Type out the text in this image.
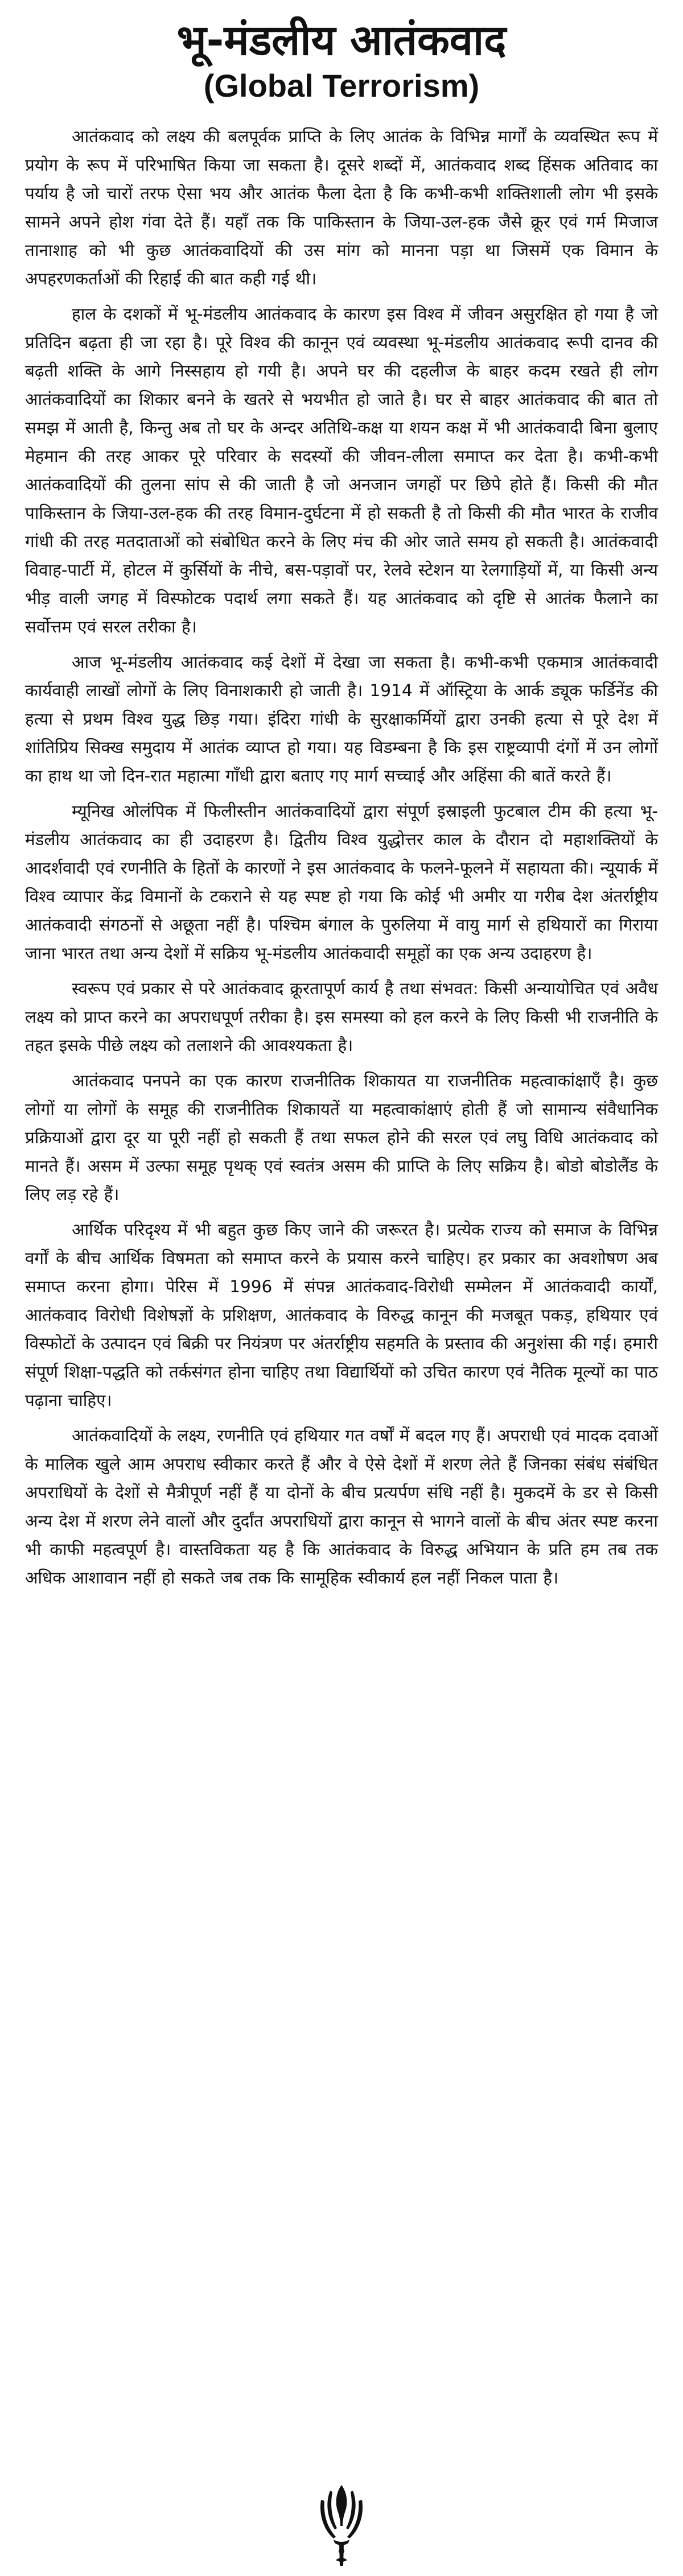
भू-मंडलीय आतंकवाद
(Global Terrorism)

आतंकवाद को लक्ष्य की बलपूर्वक प्राप्ति के लिए आतंक के विभिन्न मार्गों के व्यवस्थित रूप में प्रयोग के रूप में परिभाषित किया जा सकता है। दूसरे शब्दों में, आतंकवाद शब्द हिंसक अतिवाद का पर्याय है जो चारों तरफ ऐसा भय और आतंक फैला देता है कि कभी-कभी शक्तिशाली लोग भी इसके सामने अपने होश गंवा देते हैं। यहाँ तक कि पाकिस्तान के जिया-उल-हक जैसे क्रूर एवं गर्म मिजाज तानाशाह को भी कुछ आतंकवादियों की उस मांग को मानना पड़ा था जिसमें एक विमान के अपहरणकर्ताओं की रिहाई की बात कही गई थी।

हाल के दशकों में भू-मंडलीय आतंकवाद के कारण इस विश्व में जीवन असुरक्षित हो गया है जो प्रतिदिन बढ़ता ही जा रहा है। पूरे विश्व की कानून एवं व्यवस्था भू-मंडलीय आतंकवाद रूपी दानव की बढ़ती शक्ति के आगे निस्सहाय हो गयी है। अपने घर की दहलीज के बाहर कदम रखते ही लोग आतंकवादियों का शिकार बनने के खतरे से भयभीत हो जाते है। घर से बाहर आतंकवाद की बात तो समझ में आती है, किन्तु अब तो घर के अन्दर अतिथि-कक्ष या शयन कक्ष में भी आतंकवादी बिना बुलाए मेहमान की तरह आकर पूरे परिवार के सदस्यों की जीवन-लीला समाप्त कर देता है। कभी-कभी आतंकवादियों की तुलना सांप से की जाती है जो अनजान जगहों पर छिपे होते हैं। किसी की मौत पाकिस्तान के जिया-उल-हक की तरह विमान-दुर्घटना में हो सकती है तो किसी की मौत भारत के राजीव गांधी की तरह मतदाताओं को संबोधित करने के लिए मंच की ओर जाते समय हो सकती है। आतंकवादी विवाह-पार्टी में, होटल में कुर्सियों के नीचे, बस-पड़ावों पर, रेलवे स्टेशन या रेलगाड़ियों में, या किसी अन्य भीड़ वाली जगह में विस्फोटक पदार्थ लगा सकते हैं। यह आतंकवाद को दृष्टि से आतंक फैलाने का सर्वोत्तम एवं सरल तरीका है।

आज भू-मंडलीय आतंकवाद कई देशों में देखा जा सकता है। कभी-कभी एकमात्र आतंकवादी कार्यवाही लाखों लोगों के लिए विनाशकारी हो जाती है। 1914 में ऑस्ट्रिया के आर्क ड्यूक फर्डिनेंड की हत्या से प्रथम विश्व युद्ध छिड़ गया। इंदिरा गांधी के सुरक्षाकर्मियों द्वारा उनकी हत्या से पूरे देश में शांतिप्रिय सिक्ख समुदाय में आतंक व्याप्त हो गया। यह विडम्बना है कि इस राष्ट्रव्यापी दंगों में उन लोगों का हाथ था जो दिन-रात महात्मा गाँधी द्वारा बताए गए मार्ग सच्चाई और अहिंसा की बातें करते हैं।

म्यूनिख ओलंपिक में फिलीस्तीन आतंकवादियों द्वारा संपूर्ण इस्राइली फुटबाल टीम की हत्या भू-मंडलीय आतंकवाद का ही उदाहरण है। द्वितीय विश्व युद्धोत्तर काल के दौरान दो महाशक्तियों के आदर्शवादी एवं रणनीति के हितों के कारणों ने इस आतंकवाद के फलने-फूलने में सहायता की। न्यूयार्क में विश्व व्यापार केंद्र विमानों के टकराने से यह स्पष्ट हो गया कि कोई भी अमीर या गरीब देश अंतर्राष्ट्रीय आतंकवादी संगठनों से अछूता नहीं है। पश्चिम बंगाल के पुरुलिया में वायु मार्ग से हथियारों का गिराया जाना भारत तथा अन्य देशों में सक्रिय भू-मंडलीय आतंकवादी समूहों का एक अन्य उदाहरण है।

स्वरूप एवं प्रकार से परे आतंकवाद क्रूरतापूर्ण कार्य है तथा संभवत: किसी अन्यायोचित एवं अवैध लक्ष्य को प्राप्त करने का अपराधपूर्ण तरीका है। इस समस्या को हल करने के लिए किसी भी राजनीति के तहत इसके पीछे लक्ष्य को तलाशने की आवश्यकता है।

आतंकवाद पनपने का एक कारण राजनीतिक शिकायत या राजनीतिक महत्वाकांक्षाएँ है। कुछ लोगों या लोगों के समूह की राजनीतिक शिकायतें या महत्वाकांक्षाएं होती हैं जो सामान्य संवैधानिक प्रक्रियाओं द्वारा दूर या पूरी नहीं हो सकती हैं तथा सफल होने की सरल एवं लघु विधि आतंकवाद को मानते हैं। असम में उल्फा समूह पृथक् एवं स्वतंत्र असम की प्राप्ति के लिए सक्रिय है। बोडो बोडोलैंड के लिए लड़ रहे हैं।

आर्थिक परिदृश्य में भी बहुत कुछ किए जाने की जरूरत है। प्रत्येक राज्य को समाज के विभिन्न वर्गों के बीच आर्थिक विषमता को समाप्त करने के प्रयास करने चाहिए। हर प्रकार का अवशोषण अब समाप्त करना होगा। पेरिस में 1996 में संपन्न आतंकवाद-विरोधी सम्मेलन में आतंकवादी कार्यों, आतंकवाद विरोधी विशेषज्ञों के प्रशिक्षण, आतंकवाद के विरुद्ध कानून की मजबूत पकड़, हथियार एवं विस्फोटों के उत्पादन एवं बिक्री पर नियंत्रण पर अंतर्राष्ट्रीय सहमति के प्रस्ताव की अनुशंसा की गई। हमारी संपूर्ण शिक्षा-पद्धति को तर्कसंगत होना चाहिए तथा विद्यार्थियों को उचित कारण एवं नैतिक मूल्यों का पाठ पढ़ाना चाहिए।

आतंकवादियों के लक्ष्य, रणनीति एवं हथियार गत वर्षों में बदल गए हैं। अपराधी एवं मादक दवाओं के मालिक खुले आम अपराध स्वीकार करते हैं और वे ऐसे देशों में शरण लेते हैं जिनका संबंध संबंधित अपराधियों के देशों से मैत्रीपूर्ण नहीं हैं या दोनों के बीच प्रत्यर्पण संधि नहीं है। मुकदमें के डर से किसी अन्य देश में शरण लेने वालों और दुर्दांत अपराधियों द्वारा कानून से भागने वालों के बीच अंतर स्पष्ट करना भी काफी महत्वपूर्ण है। वास्तविकता यह है कि आतंकवाद के विरुद्ध अभियान के प्रति हम तब तक अधिक आशावान नहीं हो सकते जब तक कि सामूहिक स्वीकार्य हल नहीं निकल पाता है।
